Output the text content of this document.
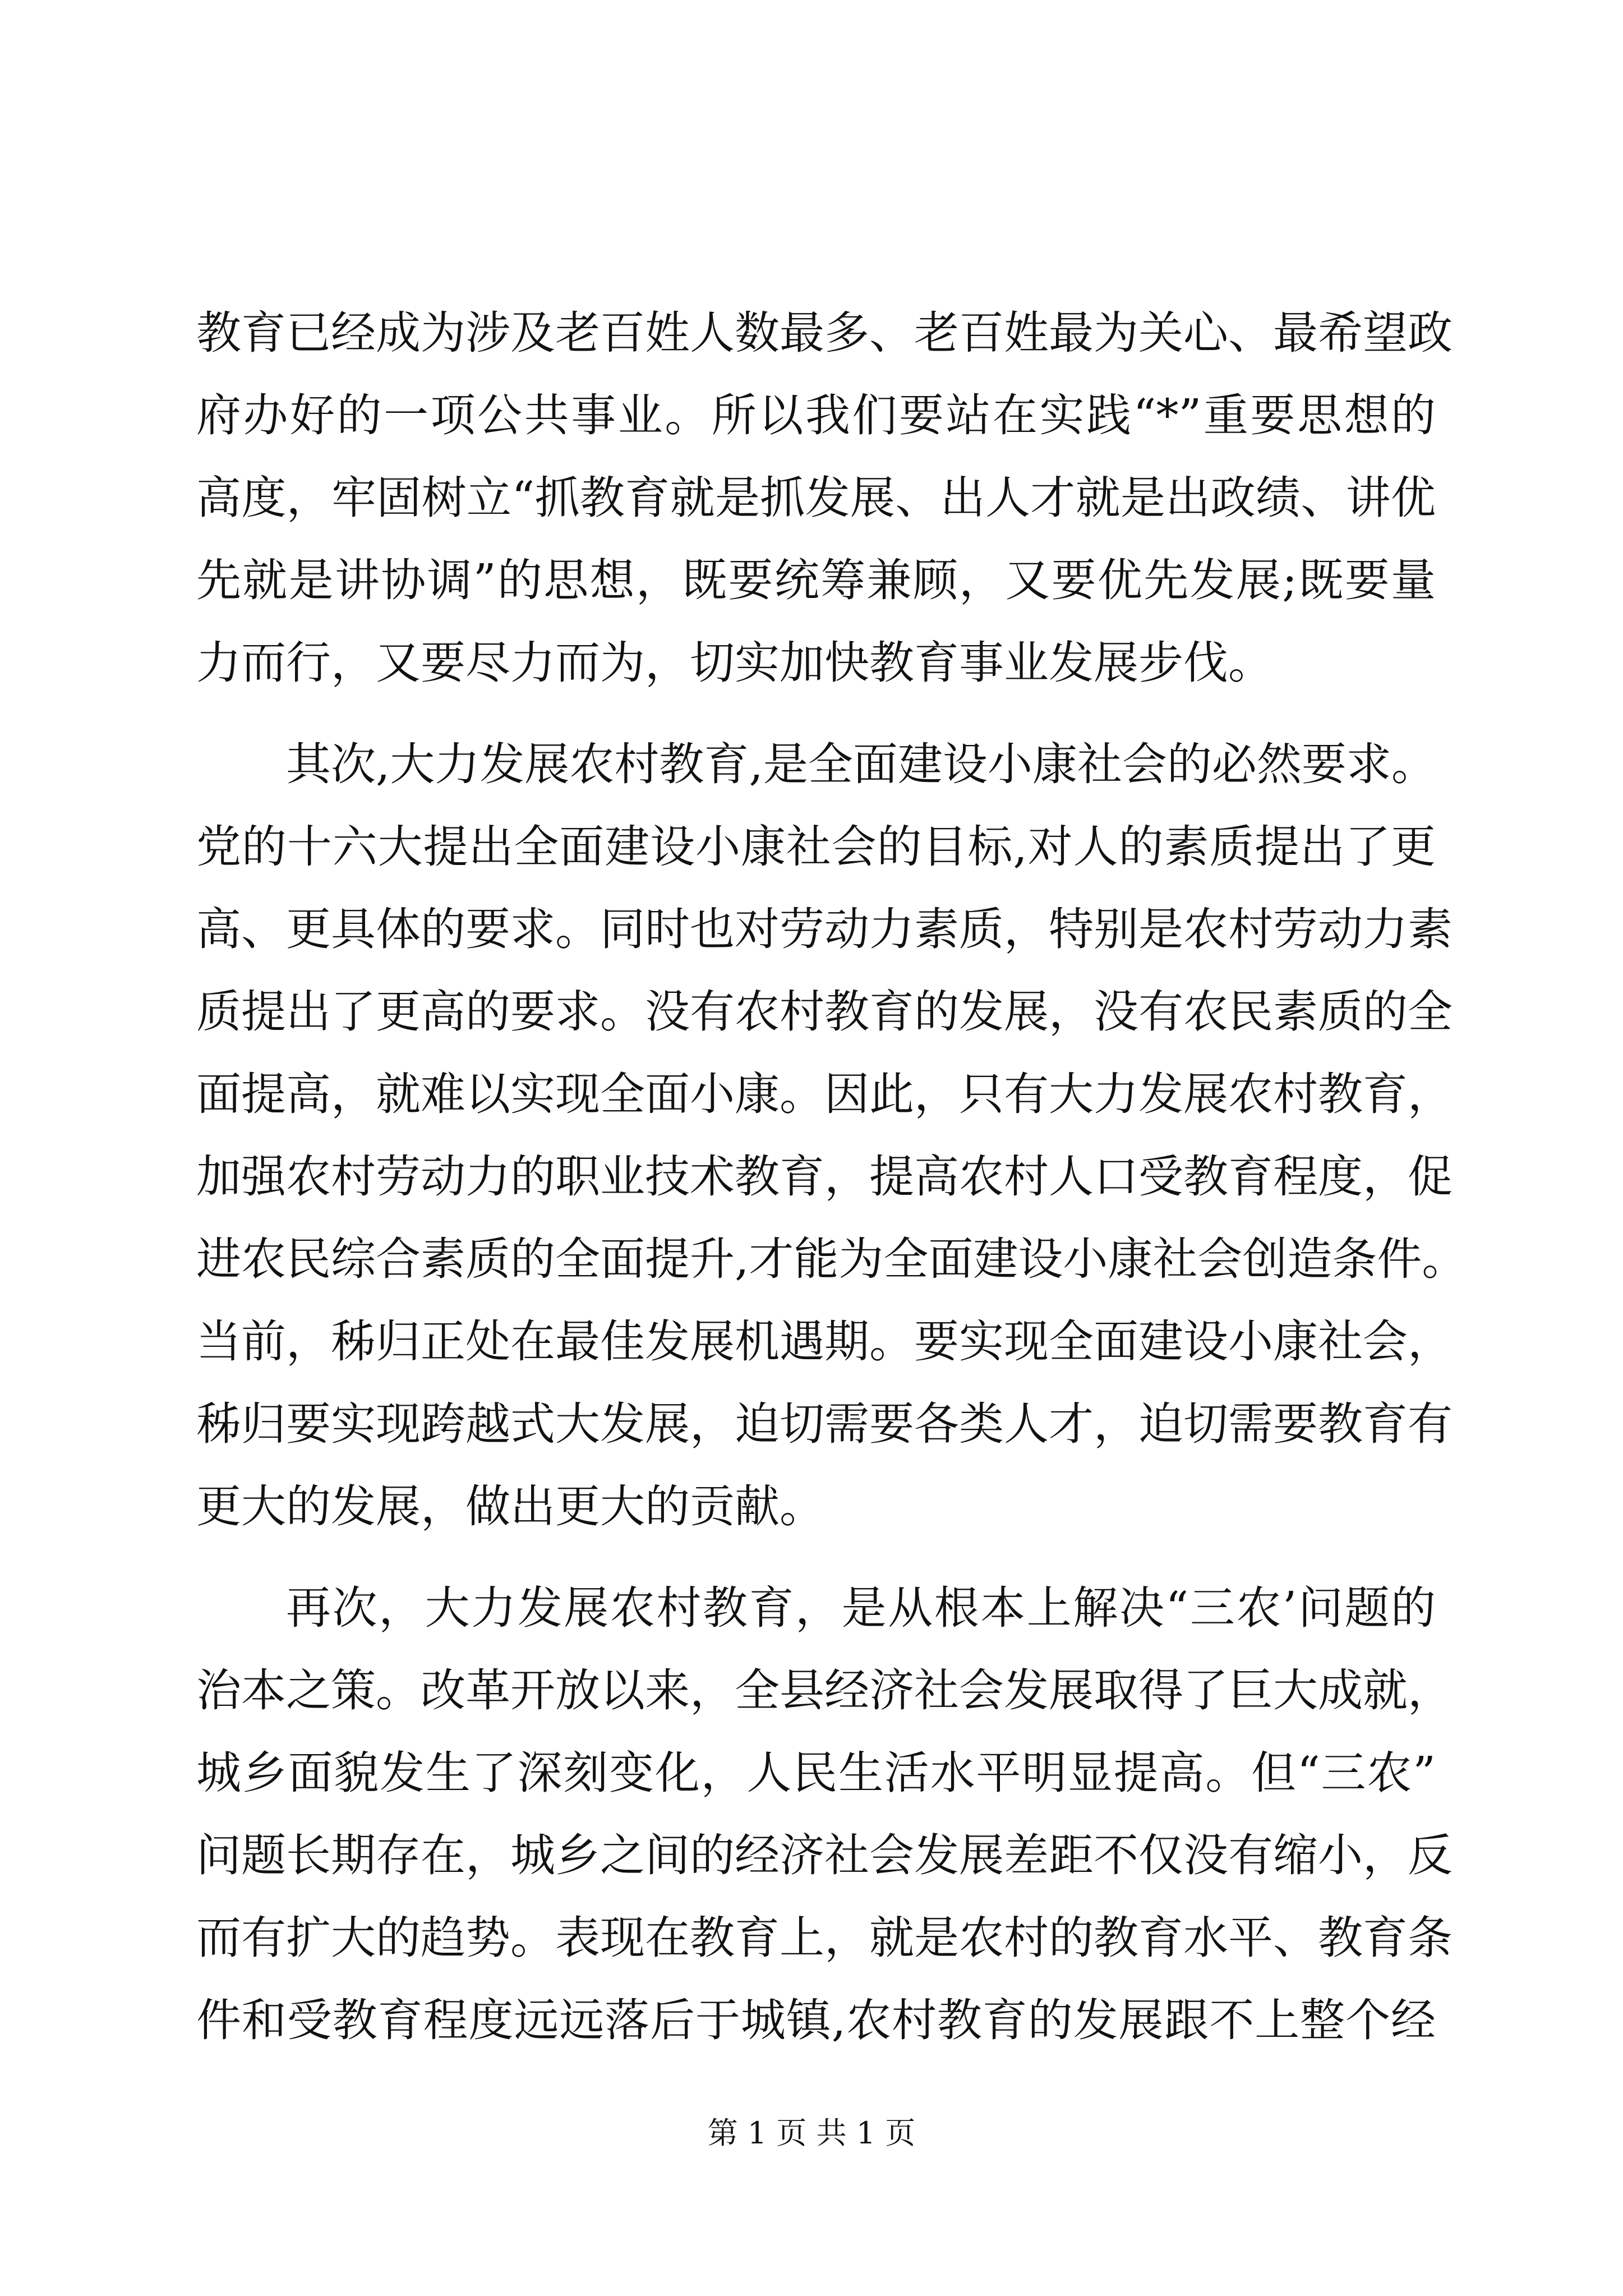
教育已经成为涉及老百姓人数最多、老百姓最为关心、最希望政
府办好的一项公共事业。所以我们要站在实践“*”重要思想的
高度，牢固树立“抓教育就是抓发展、出人才就是出政绩、讲优
先就是讲协调”的思想，既要统筹兼顾，又要优先发展;既要量
力而行，又要尽力而为，切实加快教育事业发展步伐。
其次,大力发展农村教育,是全面建设小康社会的必然要求。
党的十六大提出全面建设小康社会的目标,对人的素质提出了更
高、更具体的要求。同时也对劳动力素质，特别是农村劳动力素
质提出了更高的要求。没有农村教育的发展，没有农民素质的全
面提高，就难以实现全面小康。因此，只有大力发展农村教育，
加强农村劳动力的职业技术教育，提高农村人口受教育程度，促
进农民综合素质的全面提升,才能为全面建设小康社会创造条件。
当前，秭归正处在最佳发展机遇期。要实现全面建设小康社会，
秭归要实现跨越式大发展，迫切需要各类人才，迫切需要教育有
更大的发展，做出更大的贡献。
再次，大力发展农村教育，是从根本上解决“三农’问题的
治本之策。改革开放以来，全县经济社会发展取得了巨大成就，
城乡面貌发生了深刻变化，人民生活水平明显提高。但“三农”
问题长期存在，城乡之间的经济社会发展差距不仅没有缩小，反
而有扩大的趋势。表现在教育上，就是农村的教育水平、教育条
件和受教育程度远远落后于城镇,农村教育的发展跟不上整个经
第 1 页 共 1 页
